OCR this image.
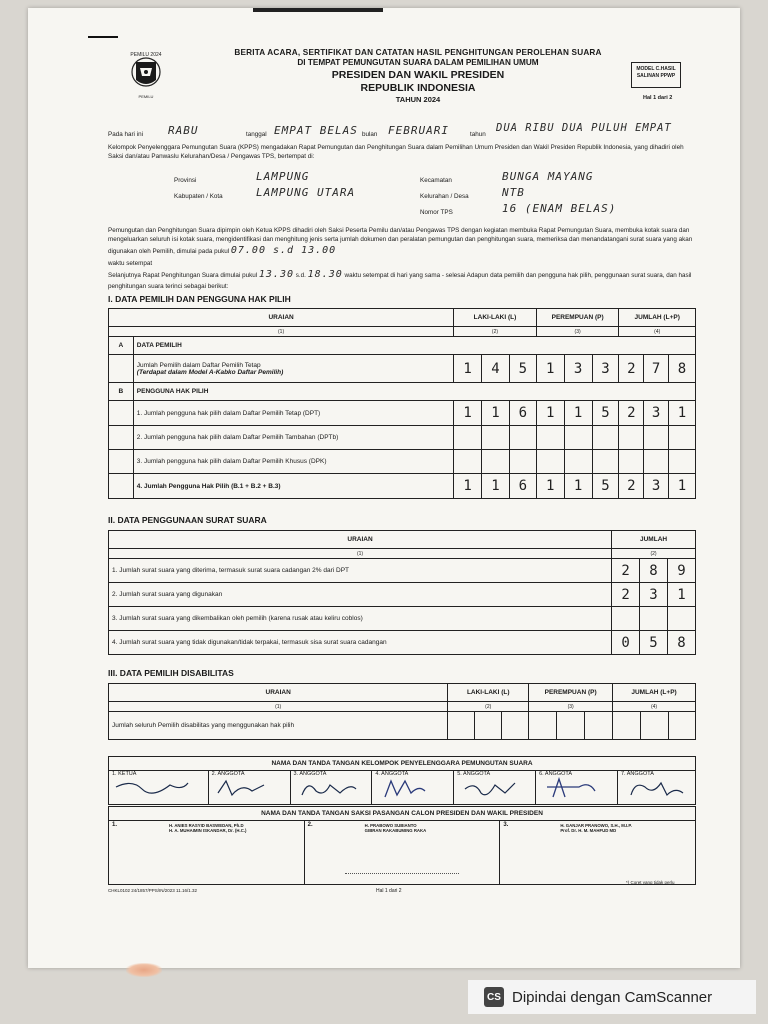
PEMILU 2024
PEMILU
BERITA ACARA, SERTIFIKAT DAN CATATAN HASIL PENGHITUNGAN PEROLEHAN SUARA
DI TEMPAT PEMUNGUTAN SUARA DALAM PEMILIHAN UMUM
PRESIDEN DAN WAKIL PRESIDEN
REPUBLIK INDONESIA
TAHUN 2024
MODEL C.HASIL
SALINAN PPWP
Hal 1 dari 2
Pada hari ini RABU	tanggal EMPAT BELAS bulan FEBRUARI	tahun
DUA RIBU DUA PULUH EMPAT
Kelompok Penyelenggara Pemungutan Suara (KPPS) mengadakan Rapat Pemungutan dan Penghitungan Suara dalam Pemilihan Umum Presiden dan Wakil Presiden Republik Indonesia, yang dihadiri oleh Saksi dan/atau Panwaslu Kelurahan/Desa / Pengawas TPS, bertempat di:
Provinsi	LAMPUNG
Kabupaten / Kota	LAMPUNG UTARA
Kecamatan	BUNGA MAYANG
Kelurahan / Desa	NTB
Nomor TPS	16 (ENAM BELAS)
Pemungutan dan Penghitungan Suara dipimpin oleh Ketua KPPS dihadiri oleh Saksi Peserta Pemilu dan/atau Pengawas TPS dengan kegiatan membuka Rapat Pemungutan Suara, membuka kotak suara dan mengeluarkan seluruh isi kotak suara, mengidentifikasi dan menghitung jenis serta jumlah dokumen dan peralatan pemungutan dan penghitungan suara, memeriksa dan menandatangani surat suara yang akan digunakan oleh Pemilih, dimulai pada pukul 07.00 s.d 13.00
waktu setempat
Selanjutnya Rapat Penghitungan Suara dimulai pukul 13.30 s.d. 18.30 waktu setempat di hari yang sama - selesai Adapun data pemilih dan pengguna hak pilih, penggunaan surat suara, dan hasil penghitungan suara terinci sebagai berikut:
I. DATA PEMILIH DAN PENGGUNA HAK PILIH
URAIAN		LAKI-LAKI (L)			PEREMPUAN (P)			JUMLAH (L+P)		
(1)		(2)			(3)			(4)		
A	DATA PEMILIH									

	Jumlah Pemilih dalam Daftar Pemilih Tetap
(Terdapat dalam Model A-Kabko Daftar Pemilih)	1	4	5	1	3	3	2	7	8
B	PENGGUNA HAK PILIH									
	1. Jumlah pengguna hak pilih dalam Daftar Pemilih Tetap (DPT)	1	1	6	1	1	5	2	3	1
	2. Jumlah pengguna hak pilih dalam Daftar Pemilih Tambahan (DPTb)									
	3. Jumlah pengguna hak pilih dalam Daftar Pemilih Khusus (DPK)									
	4. Jumlah Pengguna Hak Pilih (B.1 + B.2 + B.3)	1	1	6	1	1	5	2	3	1
II. DATA PENGGUNAAN SURAT SUARA
URAIAN	JUMLAH		
(1)	(2)		
1. Jumlah surat suara yang diterima, termasuk surat suara cadangan 2% dari DPT	2	8	9
2. Jumlah surat suara yang digunakan	2	3	1
3. Jumlah surat suara yang dikembalikan oleh pemilih (karena rusak atau keliru coblos)			
4. Jumlah surat suara yang tidak digunakan/tidak terpakai, termasuk sisa surat suara cadangan	0	5	8
III. DATA PEMILIH DISABILITAS
URAIAN	LAKI-LAKI (L)			PEREMPUAN (P)			JUMLAH (L+P)		
(1)	(2)			(3)			(4)		
Jumlah seluruh Pemilih disabilitas yang menggunakan hak pilih									
NAMA DAN TANDA TANGAN KELOMPOK PENYELENGGARA PEMUNGUTAN SUARA

1. KETUA	2. ANGGOTA	3. ANGGOTA	4. ANGGOTA	5. ANGGOTA	6. ANGGOTA	7. ANGGOTA
NAMA DAN TANDA TANGAN SAKSI PASANGAN CALON PRESIDEN DAN WAKIL PRESIDEN
1.	H. ANIES RASYID BASWEDAN, Ph.D
H. A. MUHAIMIN ISKANDAR, Dr. (H.C.)
	2.	H. PRABOWO SUBIANTO
GIBRAN RAKABUMING RAKA
	3.	H. GANJAR PRANOWO, S.H., M.I.P.
Prof. Dr. H. M. MAHFUD MD
CHKL0102 24/1857/PPS/IN/2023 11.16/1.32	Hal 1 dari 2
*) Coret yang tidak perlu
CS Dipindai dengan CamScanner
